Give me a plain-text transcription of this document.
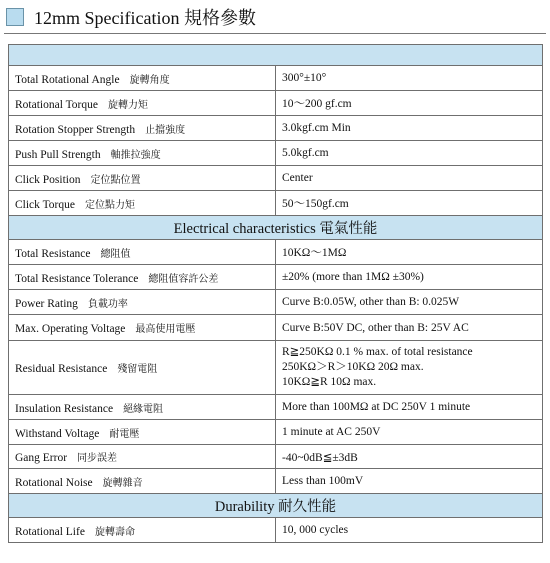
12mm Specification 規格參數

Total Rotational Angle 旋轉角度	300°±10°
Rotational Torque 旋轉力矩	10～200 gf.cm
Rotation Stopper Strength 止擋強度	3.0kgf.cm Min
Push Pull Strength 軸推拉強度	5.0kgf.cm
Click Position 定位點位置	Center
Click Torque 定位點力矩	50～150gf.cm
Electrical characteristics 電氣性能	
Total Resistance 總阻值	10KΩ～1MΩ
Total Resistance Tolerance 總阻值容許公差	±20% (more than 1MΩ ±30%)
Power Rating 負載功率	Curve B:0.05W, other than B: 0.025W
Max. Operating Voltage 最高使用電壓	Curve B:50V DC, other than B: 25V AC
Residual Resistance 殘留電阻	R≧250KΩ 0.1 % max. of total resistance
250KΩ＞R＞10KΩ 20Ω max.
10KΩ≧R 10Ω max.

Insulation Resistance 絕緣電阻	More than 100MΩ at DC 250V 1 minute
Withstand Voltage 耐電壓	1 minute at AC 250V
Gang Error 同步誤差	-40~0dB≦±3dB
Rotational Noise 旋轉雜音	Less than 100mV
Durability 耐久性能	
Rotational Life 旋轉壽命	10, 000 cycles
